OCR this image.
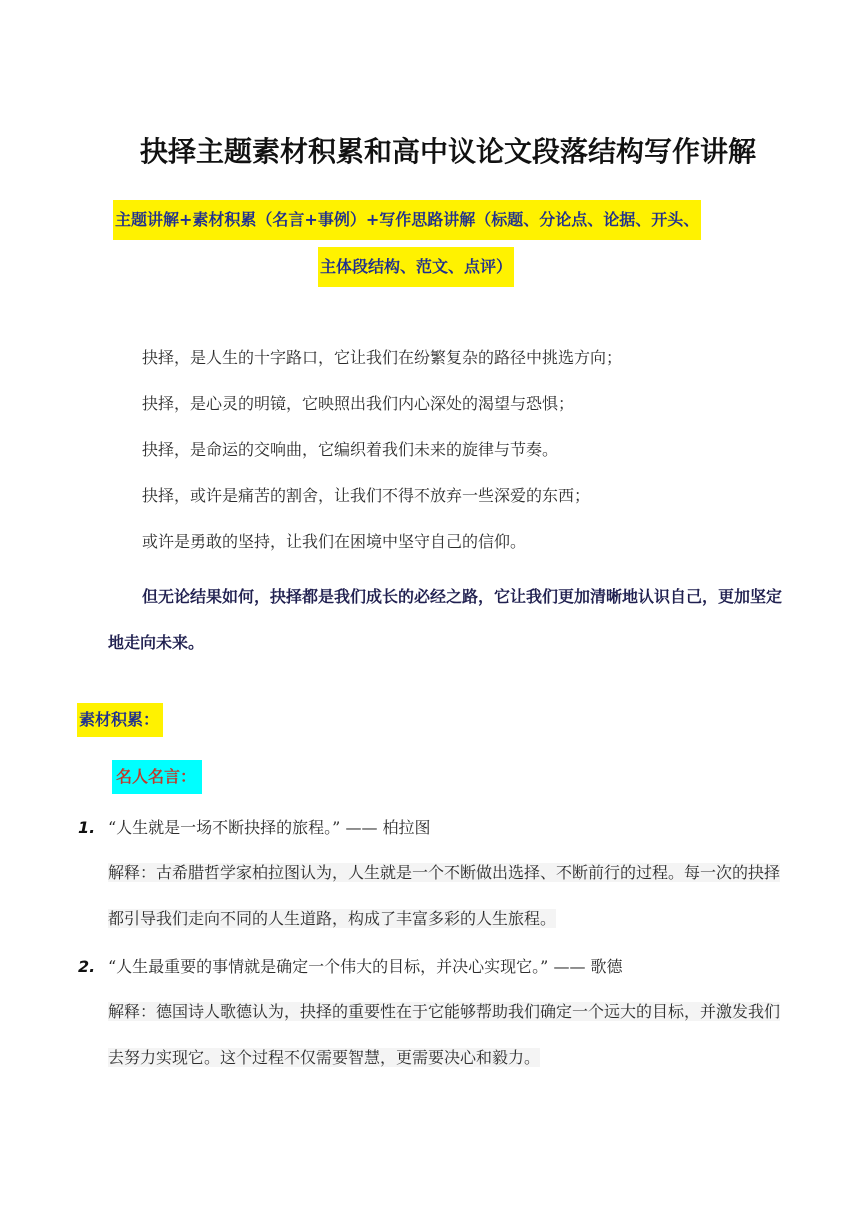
抉择主题素材积累和高中议论文段落结构写作讲解
主题讲解+素材积累（名言+事例）+写作思路讲解（标题、分论点、论据、开头、
主体段结构、范文、点评）
抉择，是人生的十字路口，它让我们在纷繁复杂的路径中挑选方向；
抉择，是心灵的明镜，它映照出我们内心深处的渴望与恐惧；
抉择，是命运的交响曲，它编织着我们未来的旋律与节奏。
抉择，或许是痛苦的割舍，让我们不得不放弃一些深爱的东西；
或许是勇敢的坚持，让我们在困境中坚守自己的信仰。
但无论结果如何，抉择都是我们成长的必经之路，它让我们更加清晰地认识自己，更加坚定地走向未来。
素材积累：
名人名言：
1. “人生就是一场不断抉择的旅程。” —— 柏拉图
解释：古希腊哲学家柏拉图认为，人生就是一个不断做出选择、不断前行的过程。每一次的抉择都引导我们走向不同的人生道路，构成了丰富多彩的人生旅程。
2. “人生最重要的事情就是确定一个伟大的目标，并决心实现它。” —— 歌德
解释：德国诗人歌德认为，抉择的重要性在于它能够帮助我们确定一个远大的目标，并激发我们去努力实现它。这个过程不仅需要智慧，更需要决心和毅力。
